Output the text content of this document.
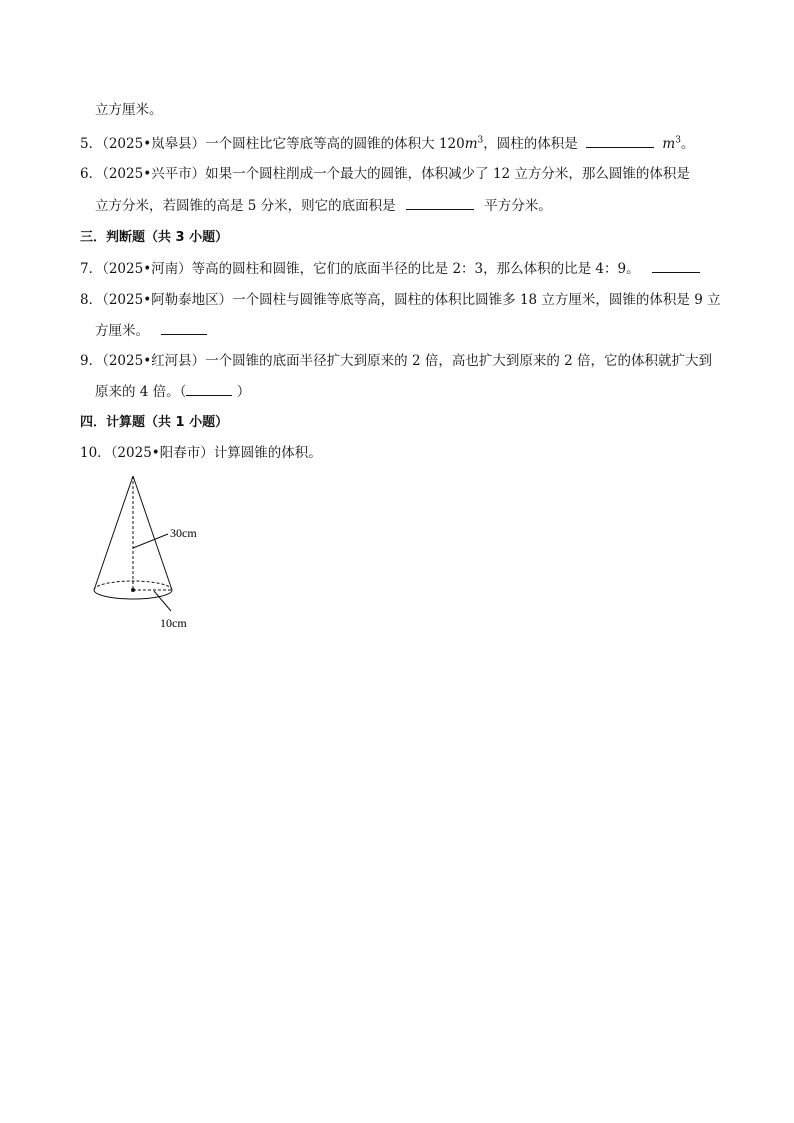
立方厘米。
5．（2025•岚皋县）一个圆柱比它等底等高的圆锥的体积大 $120m^3$，圆柱的体积是	$m^3$。
6．（2025•兴平市）如果一个圆柱削成一个最大的圆锥，体积减少了 12 立方分米，那么圆锥的体积是
立方分米，若圆锥的高是 5 分米，则它的底面积是	平方分米。
三．判断题（共 3 小题）
7．（2025•河南）等高的圆柱和圆锥，它们的底面半径的比是 2：3，那么体积的比是 4：9。
8．（2025•阿勒泰地区）一个圆柱与圆锥等底等高，圆柱的体积比圆锥多 18 立方厘米，圆锥的体积是 9 立
方厘米。
9．（2025•红河县）一个圆锥的底面半径扩大到原来的 2 倍，高也扩大到原来的 2 倍，它的体积就扩大到
原来的 4 倍。（	）
四．计算题（共 1 小题）
10．（2025•阳春市）计算圆锥的体积。
30cm
10cm
